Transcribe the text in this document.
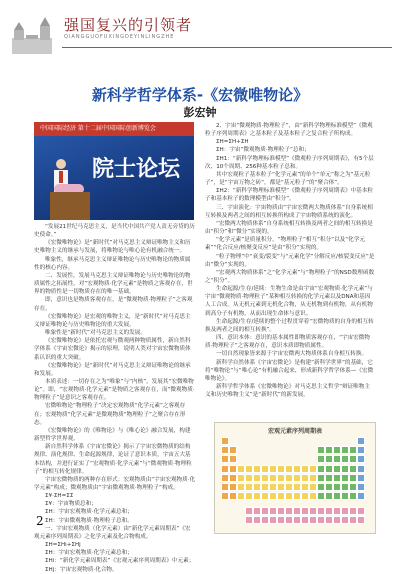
强国复兴的引领者
QIANGGUOFUXINGDEYINLINGZHE
新科学哲学体系-《宏微唯物论》
彭宏钟
中国国际经济 第十二届中国国际创新博览会
院士论坛

“发展21世纪马克思主义，是当代中国共产党人责无旁贷的历史使命。”

《宏微唯物论》是“新时代”对马克思主义辩证唯物主义和历史唯物主义的继承与发展，将唯物论与唯心论有机融合统一。

唯象性，继承马克思主义辩证唯物论与历史唯物论的物质属性的核心内容。

二、发展性，发展马克思主义辩证唯物论与历史唯物论的物质属性之拓展性。对“宏观物质·化学元素”是物质之客观存在，世界的物质性是一切物质存在的唯一基础。

即，意识也是物质客观存在，是“微观物质·物理粒子”之客观存在。

《宏微唯物论》是宏观的唯物主义，是“新时代”对马克思主义辩证唯物论与历史唯物论的重大发展。

唯象性是“新时代”对马克思主义的发展。

《宏微唯物论》是依托宏观与微观两种物质属性，新自然科学体系《宇宙宏微论》揭示的原理，说明人类对宇宙宏微物质体系认识的重大突破。

《宏微唯物论》是“新时代”对马克思主义辩证唯物论的继承和发展。

本质表述：一切存在之为“唯象”与“内核”，发展其“宏微唯物论”。即，“宏观物质·化学元素”是物质之客观存在，而“微观物质·物理粒子”是意识之客观存在。

宏微唯物论“物理粒子”决定宏观物质“化学元素”之客观存在；宏观物质“化学元素”是微观物质“物理粒子”之聚合存在形态。

《宏微唯物论》的《唯物论》与《唯心论》融合发展，构建新型哲学世界观。

新自然科学体系《宇宙宏微论》揭示了宇宙宏微物质的结构规律、演化规律、生命起源规律，论证了意识本质，宇宙五大基本结构，并进行证实了“宏观物质·化学元素”与“微观物质·物理粒子”的相互转化规律。

宇宙宏微物质的两种存在形式：宏观物质由“宇宙宏观物质·化学元素”构成；微观物质由“宇宙微观物质·物理粒子”构成。

Σ¥·ΣH=ΣΣ

Σ¥：宇宙物质总和；

ΣH：宇宙宏观物质·化学元素总和；

ΣH：宇宙微观物质·物理粒子总和。

一、宇宙宏观物质（化学元素）由“新化学元素周期表”《宏观元素序列周期表》之化学元素及化合物构成。

ΣH=ΣHi+ΣHj

ΣH：宇宙宏观物质·化学元素总和；

ΣHi：“新化学元素周期表”《宏观元素序列周期表》中元素；

ΣHj：宇宙宏观物质·化合物。

2、宇宙“微观物质·物理粒子”，由“新科学物理标准模型”《微观粒子序列周期表》之基本粒子及基本粒子之复合粒子所构成。

ΣH=ΣH+ΣH

ΣH：宇宙“微观物质·物理粒子”总和；

ΣH1：“新科学物理标准模型”《微观粒子序列周期表》，有5个层次、10个周期、256种基本粒子总和。

其中宏观粒子基本粒子“化学元素”的单个“单元”称之为“基元粒子”，是“宇宙万物之砖”，都是“基元粒子”的“聚合体”。

ΣH2：“新科学物理标准模型”《微观粒子序列周期表》中基本粒子和基本粒子的数理模型由“积分”。

三、宇宙演化：宇宙物质由“宇宙宏微两大物质体系”自身系统相互转换及两者之间的相互转换所构成了宇宙物质系统的演化。

“宏微两大物质体系”自身系统相互转换及两者之间的相互转换是由“积分”和“微分”实现的。

“化学元素”是质量积分，“物理粒子”相互“积分”以及“化学元素”“化合反应/核聚变反应”是由“积分”实现的。

“粒子物理”中“衰变/裂变”与“元素化学”分解反应/核裂变反应”是由“微分”实现的。

“宏观两大物质体系”之“化学元素”与“物理粒子”的NSD数理函数之“积分”。

生命起源/生存/延续：生物生命是由宇宙“宏观物质·化学元素”与宇宙“微观物质·物理粒子”某种相互转换的化学元素以及DNA和基因人工合成。从无机元素到无机化合物，从无机物到有机物，从有机物到高分子有机物，从而出现生命体与意识。

生命起源/生存/延续的整个过程贯穿着“宏微物质的自身的相互转换及两者之间的相互转换”。

四、意识本体：意识的基本属性即物质客观存在，“宇宙宏微物质·物理粒子”之客观存在，意识本质即物质属性。

一切自然现象皆来源于宇宙宏微两大物质体系自身相互转换。

新科学自然体系《宇宙宏微论》是构建“新科学世界”的基础，它将“唯物论”与“唯心论”有机融合起来，形成新科学哲学体系—《宏微唯物论》。

新科学哲学体系《宏微唯物论》对马克思主义哲学“辩证唯物主义和历史唯物主义”是“新时代”的新发展。

宏观元素序列周期表
2
